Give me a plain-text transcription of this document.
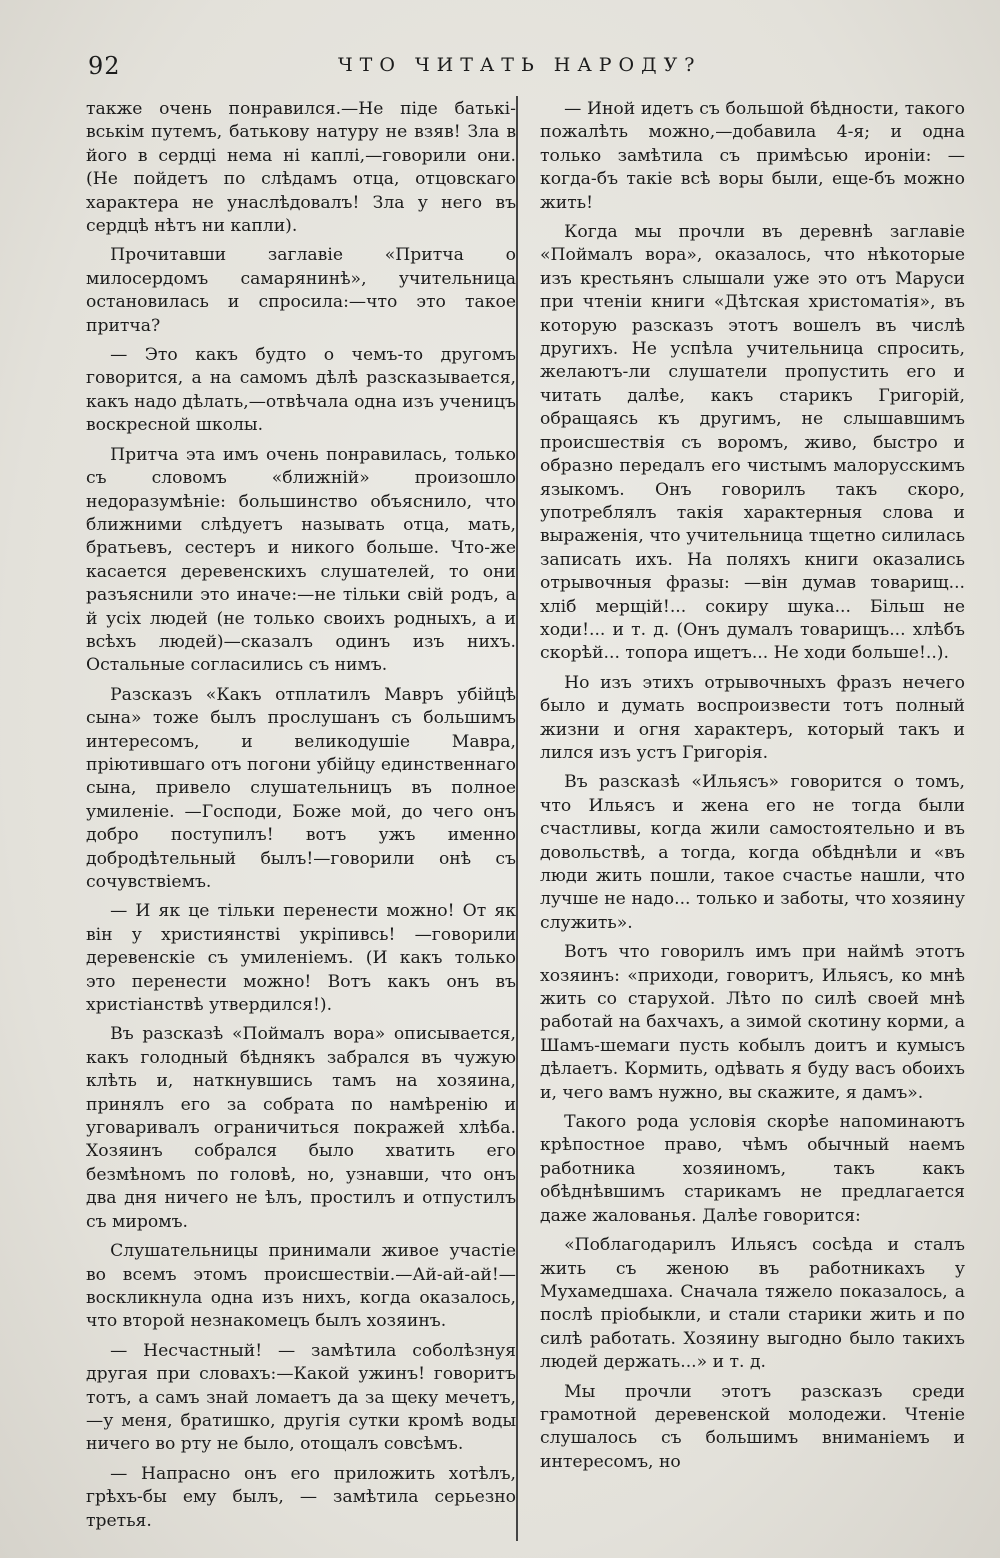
92	ЧТО ЧИТАТЬ НАРОДУ?

также очень понравился.—Не піде батькі-вськім путемъ, батькову натуру не взяв! Зла в його в сердці нема ні каплі,—говорили они. (Не пойдетъ по слѣдамъ отца, отцовскаго характера не унаслѣдовалъ! Зла у него въ сердцѣ нѣтъ ни капли).

Прочитавши заглавіе «Притча о милосердомъ самарянинѣ», учительница остановилась и спросила:—что это такое притча?

— Это какъ будто о чемъ-то другомъ говорится, а на самомъ дѣлѣ разсказывается, какъ надо дѣлать,—отвѣчала одна изъ ученицъ воскресной школы.

Притча эта имъ очень понравилась, только съ словомъ «ближній» произошло недоразумѣніе: большинство объяснило, что ближними слѣдуетъ называть отца, мать, братьевъ, сестеръ и никого больше. Что-же касается деревенскихъ слушателей, то они разъяснили это иначе:—не тільки свій родъ, а й усіх людей (не только своихъ родныхъ, а и всѣхъ людей)—сказалъ одинъ изъ нихъ. Остальные согласились съ нимъ.

Разсказъ «Какъ отплатилъ Мавръ убійцѣ сына» тоже былъ прослушанъ съ большимъ интересомъ, и великодушіе Мавра, пріютившаго отъ погони убійцу единственнаго сына, привело слушательницъ въ полное умиленіе. —Господи, Боже мой, до чего онъ добро поступилъ! вотъ ужъ именно добродѣтельный былъ!—говорили онѣ съ сочувствіемъ.

— И як це тільки перенести можно! От як він у християнстві укріпивсь! —говорили деревенскіе съ умиленіемъ. (И какъ только это перенести можно! Вотъ какъ онъ въ христіанствѣ утвердился!).

Въ разсказѣ «Поймалъ вора» описывается, какъ голодный бѣднякъ забрался въ чужую клѣть и, наткнувшись тамъ на хозяина, принялъ его за собрата по намѣренію и уговаривалъ ограничиться покражей хлѣба. Хозяинъ собрался было хватить его безмѣномъ по головѣ, но, узнавши, что онъ два дня ничего не ѣлъ, простилъ и отпустилъ съ миромъ.

Слушательницы принимали живое участіе во всемъ этомъ происшествіи.—Ай-ай-ай!—воскликнула одна изъ нихъ, когда оказалось, что второй незнакомецъ былъ хозяинъ.

— Несчастный! — замѣтила соболѣзнуя другая при словахъ:—Какой ужинъ! говоритъ тотъ, а самъ знай ломаетъ да за щеку мечетъ,—у меня, братишко, другія сутки кромѣ воды ничего во рту не было, отощалъ совсѣмъ.

— Напрасно онъ его приложить хотѣлъ, грѣхъ-бы ему былъ, — замѣтила серьезно третья.

— Иной идетъ съ большой бѣдности, такого пожалѣть можно,—добавила 4-я; и одна только замѣтила съ примѣсью ироніи: — когда-бъ такіе всѣ воры были, еще-бъ можно жить!

Когда мы прочли въ деревнѣ заглавіе «Поймалъ вора», оказалось, что нѣкоторые изъ крестьянъ слышали уже это отъ Маруси при чтеніи книги «Дѣтская христоматія», въ которую разсказъ этотъ вошелъ въ числѣ другихъ. Не успѣла учительница спросить, желаютъ-ли слушатели пропустить его и читать далѣе, какъ старикъ Григорій, обращаясь къ другимъ, не слышавшимъ происшествія съ воромъ, живо, быстро и образно передалъ его чистымъ малорусскимъ языкомъ. Онъ говорилъ такъ скоро, употреблялъ такія характерныя слова и выраженія, что учительница тщетно силилась записать ихъ. На поляхъ книги оказались отрывочныя фразы: —він думав товарищ... хліб мерщій!... сокиру шука... Більш не ходи!... и т. д. (Онъ думалъ товарищъ... хлѣбъ скорѣй... топора ищетъ... Не ходи больше!..).

Но изъ этихъ отрывочныхъ фразъ нечего было и думать воспроизвести тотъ полный жизни и огня характеръ, который такъ и лился изъ устъ Григорія.

Въ разсказѣ «Ильясъ» говорится о томъ, что Ильясъ и жена его не тогда были счастливы, когда жили самостоятельно и въ довольствѣ, а тогда, когда обѣднѣли и «въ люди жить пошли, такое счастье нашли, что лучше не надо... только и заботы, что хозяину служить».

Вотъ что говорилъ имъ при наймѣ этотъ хозяинъ: «приходи, говоритъ, Ильясъ, ко мнѣ жить со старухой. Лѣто по силѣ своей мнѣ работай на бахчахъ, а зимой скотину корми, а Шамъ-шемаги пусть кобылъ доитъ и кумысъ дѣлаетъ. Кормить, одѣвать я буду васъ обоихъ и, чего вамъ нужно, вы скажите, я дамъ».

Такого рода условія скорѣе напоминаютъ крѣпостное право, чѣмъ обычный наемъ работника хозяиномъ, такъ какъ обѣднѣвшимъ старикамъ не предлагается даже жалованья. Далѣе говорится:

«Поблагодарилъ Ильясъ сосѣда и сталъ жить съ женою въ работникахъ у Мухамедшаха. Сначала тяжело показалось, а послѣ пріобыкли, и стали старики жить и по силѣ работать. Хозяину выгодно было такихъ людей держать...» и т. д.

Мы прочли этотъ разсказъ среди грамотной деревенской молодежи. Чтеніе слушалось съ большимъ вниманіемъ и интересомъ, но
